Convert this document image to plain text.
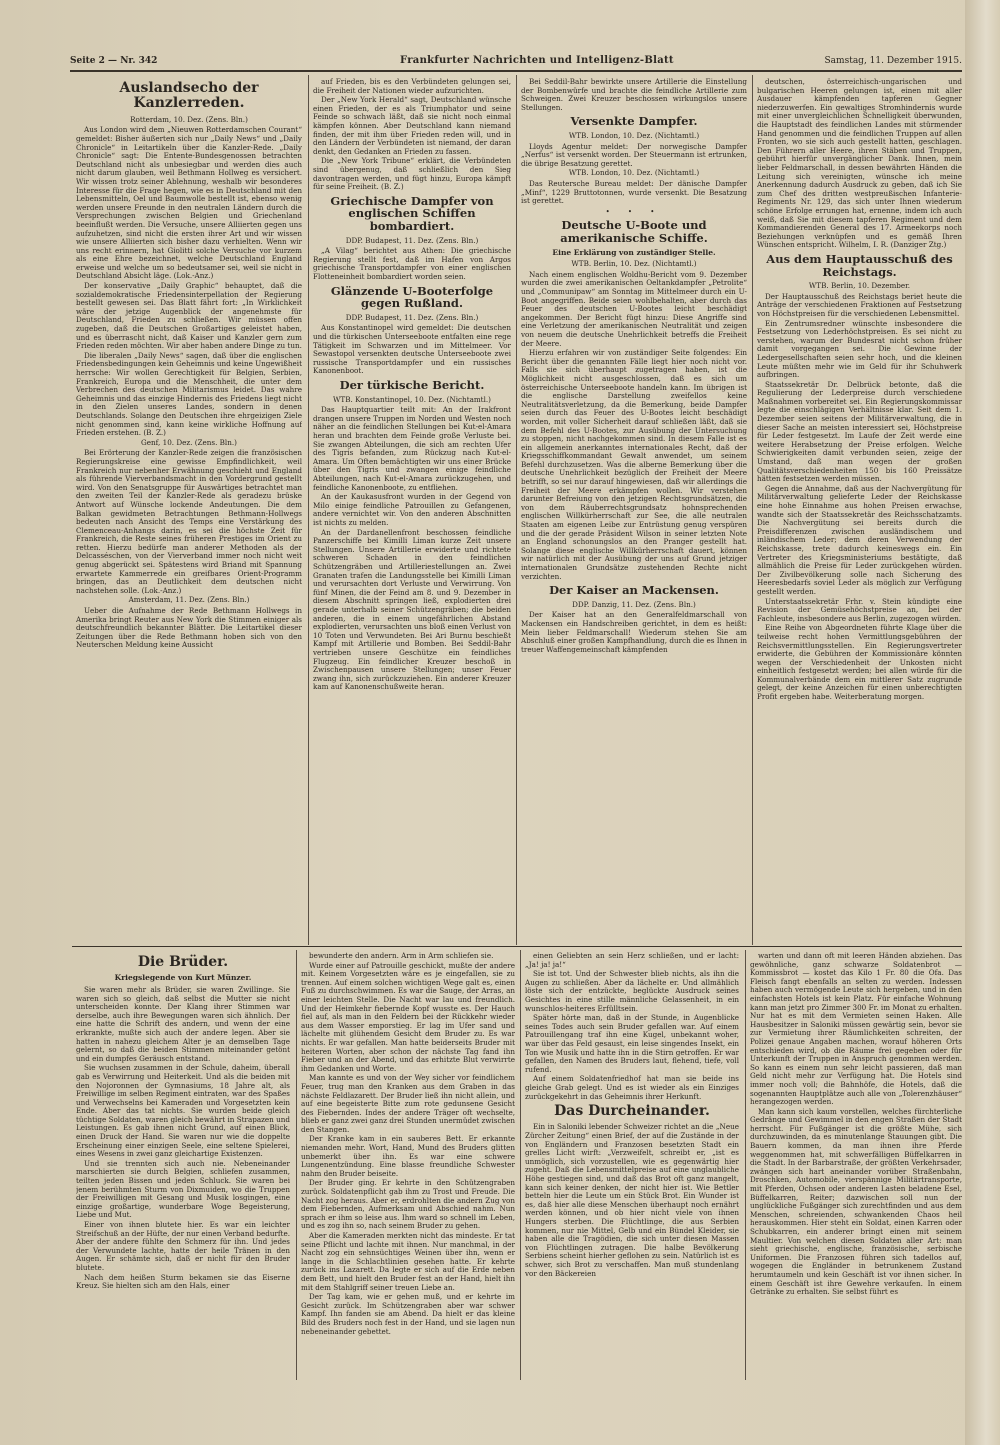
Seite 2 — Nr. 342	Frankfurter Nachrichten und Intelligenz-Blatt	Samstag, 11. Dezember 1915.
Auslandsecho der Kanzlerreden.
Rotterdam, 10. Dez. (Zens. Bln.)

Aus London wird dem „Nieuwen Rotterdamschen Courant“ gemeldet: Bisher äußerten sich nur „Daily News“ und „Daily Chronicle“ in Leitartikeln über die Kanzler-Rede. „Daily Chronicle“ sagt: Die Entente-Bundesgenossen betrachten Deutschland nicht als unbesiegbar und werden dies auch nicht darum glauben, weil Bethmann Hollweg es versichert. Wir wissen trotz seiner Ablehnung, weshalb wir besonderes Interesse für die Frage hegen, wie es in Deutschland mit den Lebensmitteln, Oel und Baumwolle bestellt ist, ebenso wenig werden unsere Freunde in den neutralen Ländern durch die Versprechungen zwischen Belgien und Griechenland beeinflußt werden. Die Versuche, unsere Alliierten gegen uns aufzuhetzen, sind nicht die ersten ihrer Art und wir wissen wie unsere Alliierten sich bisher dazu verhielten. Wenn wir uns recht erinnern, hat Giolitti solche Versuche vor kurzem als eine Ehre bezeichnet, welche Deutschland England erweise und welche um so bedeutsamer sei, weil sie nicht in Deutschland Absicht läge. (Lok.-Anz.)

Der konservative „Daily Graphic“ behauptet, daß die sozialdemokratische Friedensinterpellation der Regierung bestellt gewesen sei. Das Blatt fährt fort: „In Wirklichkeit wäre der jetzige Augenblick der angenehmste für Deutschland, Frieden zu schließen. Wir müssen offen zugeben, daß die Deutschen Großartiges geleistet haben, und es überrascht nicht, daß Kaiser und Kanzler gern zum Frieden reden möchten. Wir aber haben andere Dinge zu tun.

Die liberalen „Daily News“ sagen, daß über die englischen Friedensbedingungen kein Geheimnis und keine Ungewißheit herrsche: Wir wollen Gerechtigkeit für Belgien, Serbien, Frankreich, Europa und die Menschheit, die unter dem Verbrechen des deutschen Militarismus leidet. Das wahre Geheimnis und das einzige Hindernis des Friedens liegt nicht in den Zielen unseres Landes, sondern in denen Deutschlands. Solange den Deutschen ihre ehrgeizigen Ziele nicht genommen sind, kann keine wirkliche Hoffnung auf Frieden erstehen. (B. Z.)

Genf, 10. Dez. (Zens. Bln.)

Bei Erörterung der Kanzler-Rede zeigen die französischen Regierungskreise eine gewisse Empfindlichkeit, weil Frankreich nur nebenher Erwähnung geschieht und England als führende Vierverbandsmacht in den Vordergrund gestellt wird. Von den Senatsgruppe für Auswärtiges betrachtet man den zweiten Teil der Kanzler-Rede als geradezu brüske Antwort auf Wünsche lockende Andeutungen. Die dem Balkan gewidmeten Betrachtungen Bethmann-Hollwegs bedeuten nach Ansicht des Temps eine Verstärkung des Clemenceau-Anhangs darin, es sei die höchste Zeit für Frankreich, die Reste seines früheren Prestiges im Orient zu retten. Hierzu bedürfe man anderer Methoden als der Delcasséschen, von der Vierverband immer noch nicht weit genug abgerückt sei. Spätestens wird Briand mit Spannung erwartete Kammerrede ein greifbares Orient-Programm bringen, das an Deutlichkeit dem deutschen nicht nachstehen solle. (Lok.-Anz.)

Amsterdam, 11. Dez. (Zens. Bln.)

Ueber die Aufnahme der Rede Bethmann Hollwegs in Amerika bringt Reuter aus New York die Stimmen einiger als deutschfreundlich bekannter Blätter. Die Leitartikel dieser Zeitungen über die Rede Bethmann hoben sich von den Neuterschen Meldung keine Aussicht

auf Frieden, bis es den Verbündeten gelungen sei, die Freiheit der Nationen wieder aufzurichten.

Der „New York Herald“ sagt, Deutschland wünsche einen Frieden, der es als Triumphator und seine Feinde so schwach läßt, daß sie nicht noch einmal kämpfen können. Aber Deutschland kann niemand finden, der mit ihm über Frieden reden will, und in den Ländern der Verbündeten ist niemand, der daran denkt, den Gedanken an Frieden zu fassen.

Die „New York Tribune“ erklärt, die Verbündeten sind übergenug, daß schließlich den Sieg davontragen werden, und fügt hinzu, Europa kämpft für seine Freiheit. (B. Z.)

Griechische Dampfer von englischen Schiffen bombardiert.
DDP. Budapest, 11. Dez. (Zens. Bln.)

„A Vilag“ berichtet aus Athen: Die griechische Regierung stellt fest, daß im Hafen von Argos griechische Transportdampfer von einer englischen Flotteneinheit bombardiert worden seien.

Glänzende U-Booterfolge gegen Rußland.
DDP. Budapest, 11. Dez. (Zens. Bln.)

Aus Konstantinopel wird gemeldet: Die deutschen und die türkischen Unterseeboote entfalten eine rege Tätigkeit im Schwarzen und im Mittelmeer. Vor Sewastopol versenkten deutsche Unterseeboote zwei russische Transportdampfer und ein russisches Kanonenboot.

Der türkische Bericht.
WTB. Konstantinopel, 10. Dez. (Nichtamtl.)

Das Hauptquartier teilt mit: An der Irakfront drangen unsere Truppen im Norden und Westen noch näher an die feindlichen Stellungen bei Kut-el-Amara heran und brachten dem Feinde große Verluste bei. Sie zwangen Abteilungen, die sich am rechten Ufer des Tigris befanden, zum Rückzug nach Kut-el-Amara. Um Often bemächtigten wir uns einer Brücke über den Tigris und zwangen einige feindliche Abteilungen, nach Kut-el-Amara zurückzugehen, und feindliche Kanonenboote, zu entfliehen.

An der Kaukasusfront wurden in der Gegend von Milo einige feindliche Patrouillen zu Gefangenen, andere vernichtet wir. Von den anderen Abschnitten ist nichts zu melden.

An der Dardanellenfront beschossen feindliche Panzerschiffe bei Kimilli Liman kurze Zeit unsere Stellungen. Unsere Artillerie erwiderte und richtete schweren Schaden in den feindlichen Schützengräben und Artilleriestellungen an. Zwei Granaten trafen die Landungsstelle bei Kimilli Liman und verursachten dort Verluste und Verwirrung. Von fünf Minen, die der Feind am 8. und 9. Dezember in diesem Abschnitt springen ließ, explodierten drei gerade unterhalb seiner Schützengräben; die beiden anderen, die in einem ungefährlichen Abstand explodierten, verursachten uns bloß einen Verlust von 10 Toten und Verwundeten. Bei Ari Burnu beschießt Kampf mit Artillerie und Bomben. Bei Seddil-Bahr vertrieben unsere Geschütze ein feindliches Flugzeug. Ein feindlicher Kreuzer beschoß in Zwischenpausen unsere Stellungen; unser Feuer zwang ihn, sich zurückzuziehen. Ein anderer Kreuzer kam auf Kanonenschußweite heran.

Bei Seddil-Bahr bewirkte unsere Artillerie die Einstellung der Bombenwürfe und brachte die feindliche Artillerie zum Schweigen. Zwei Kreuzer beschossen wirkungslos unsere Stellungen.

Versenkte Dampfer.
WTB. London, 10. Dez. (Nichtamtl.)

Lloyds Agentur meldet: Der norwegische Dampfer „Nerfus“ ist versenkt worden. Der Steuermann ist ertrunken, die übrige Besatzung gerettet.

WTB. London, 10. Dez. (Nichtamtl.)

Das Reutersche Bureau meldet: Der dänische Dampfer „Minf“, 1229 Bruttotonnen, wurde versenkt. Die Besatzung ist gerettet.

• • •
Deutsche U-Boote und amerikanische Schiffe.
Eine Erklärung von zuständiger Stelle.
WTB. Berlin, 10. Dez. (Nichtamtl.)

Nach einem englischen Woldhu-Bericht vom 9. Dezember wurden die zwei amerikanischen Oeltankdampfer „Petrolite“ und „Communipaw“ am Sonntag im Mittelmeer durch ein U-Boot angegriffen. Beide seien wohlbehalten, aber durch das Feuer des deutschen U-Bootes leicht beschädigt angekommen. Der Bericht fügt hinzu: Diese Angriffe sind eine Verletzung der amerikanischen Neutralität und zeigen von neuem die deutsche Unehrlichkeit betreffs die Freiheit der Meere.

Hierzu erfahren wir von zuständiger Seite folgendes: Ein Bericht über die genannten Fälle liegt hier noch nicht vor. Falls sie sich überhaupt zugetragen haben, ist die Möglichkeit nicht ausgeschlossen, daß es sich um österreichische Unterseeboote handeln kann. Im übrigen ist die englische Darstellung zweifellos keine Neutralitätsverletzung, da die Bemerkung, beide Dampfer seien durch das Feuer des U-Bootes leicht beschädigt worden, mit voller Sicherheit darauf schließen läßt, daß sie dem Befehl des U-Bootes, zur Ausübung der Untersuchung zu stoppen, nicht nachgekommen sind. In diesem Falle ist es ein allgemein anerkanntes internationales Recht, daß der Kriegsschiffkommandant Gewalt anwendet, um seinem Befehl durchzusetzen. Was die alberne Bemerkung über die deutsche Unehrlichkeit bezüglich der Freiheit der Meere betrifft, so sei nur darauf hingewiesen, daß wir allerdings die Freiheit der Meere erkämpfen wollen. Wir verstehen darunter Befreiung von den jetzigen Rechtsgrundsätzen, die von dem Räuberrechtsgrundsatz hohnsprechenden englischen Willkürherrschaft zur See, die alle neutralen Staaten am eigenen Leibe zur Entrüstung genug verspüren und die der gerade Präsident Wilson in seiner letzten Note an England schonungslos an den Pranger gestellt hat. Solange diese englische Willkürherrschaft dauert, können wir natürlich mit der Ausübung der uns auf Grund jetziger internationalen Grundsätze zustehenden Rechte nicht verzichten.

Der Kaiser an Mackensen.
DDP. Danzig, 11. Dez. (Zens. Bln.)

Der Kaiser hat an den Generalfeldmarschall von Mackensen ein Handschreiben gerichtet, in dem es heißt: Mein lieber Feldmarschall! Wiederum stehen Sie am Abschluß einer großen Kampfhandlung, durch die es Ihnen in treuer Waffengemeinschaft kämpfenden

deutschen, österreichisch-ungarischen und bulgarischen Heeren gelungen ist, einen mit aller Ausdauer kämpfenden tapferen Gegner niederzuwerfen. Ein gewaltiges Stromhindernis wurde mit einer unvergleichlichen Schnelligkeit überwunden, die Hauptstadt des feindlichen Landes mit stürmender Hand genommen und die feindlichen Truppen auf allen Fronten, wo sie sich auch gestellt hatten, geschlagen. Den Führern aller Heere, ihren Stäben und Truppen, gebührt hierfür unvergänglicher Dank. Ihnen, mein lieber Feldmarschall, in dessen bewährten Händen die Leitung sich vereinigten, wünsche ich meine Anerkennung dadurch Ausdruck zu geben, daß ich Sie zum Chef des dritten westpreußischen Infanterie-Regiments Nr. 129, das sich unter Ihnen wiederum schöne Erfolge errungen hat, ernenne, indem ich auch weiß, daß Sie mit diesem tapferen Regiment und dem Kommandierenden General des 17. Armeekorps noch Beziehungen verknüpfen und es gemäß Ihren Wünschen entspricht. Wilhelm, I. R. (Danziger Ztg.)

Aus dem Hauptausschuß des Reichstags.
WTB. Berlin, 10. Dezember.

Der Hauptausschuß des Reichstags beriet heute die Anträge der verschiedenen Fraktionen auf Festsetzung von Höchstpreisen für die verschiedenen Lebensmittel.

Ein Zentrumsredner wünschte insbesondere die Festsetzung von Lederhöchstpreisen. Es sei nicht zu verstehen, warum der Bundesrat nicht schon früher damit vorgegangen sei. Die Gewinne der Ledergesellschaften seien sehr hoch, und die kleinen Leute müßten mehr wie im Geld für ihr Schuhwerk aufbringen.

Staatssekretär Dr. Delbrück betonte, daß die Regulierung der Lederpreise durch verschiedene Maßnahmen vorbereitet sei. Ein Regierungskommissar legte die einschlägigen Verhältnisse klar. Seit dem 1. Dezember seien seitens der Militärverwaltung, die in dieser Sache an meisten interessiert sei, Höchstpreise für Leder festgesetzt. Im Laufe der Zeit werde eine weitere Herabsetzung der Preise erfolgen. Welche Schwierigkeiten damit verbunden seien, zeige der Umstand, daß man wegen der großen Qualitätsverschiedenheiten 150 bis 160 Preissätze hätten festsetzen werden müssen.

Gegen die Annahme, daß aus der Nachvergütung für Militärverwaltung gelieferte Leder der Reichskasse eine hohe Einnahme aus hohen Preisen erwachse, wandte sich der Staatssekretär des Reichsschatzamts. Die Nachvergütung sei bereits durch die Preisdifferenzen zwischen ausländischem und inländischem Leder; dem deren Verwendung der Reichskasse, trete dadurch keineswegs ein. Ein Vertreter des Kriegsministeriums bestätigte, daß allmählich die Preise für Leder zurückgehen würden. Der Zivilbevölkerung solle nach Sicherung des Heeresbedarfs soviel Leder als möglich zur Verfügung gestellt werden.

Unterstaatssekretär Frhr. v. Stein kündigte eine Revision der Gemüsehöchstpreise an, bei der Fachleute, insbesondere aus Berlin, zugezogen würden.

Eine Reihe von Abgeordneten führte Klage über die teilweise recht hohen Vermittlungsgebühren der Reichsvermittlungsstellen. Ein Regierungsvertreter erwiderte, die Gebühren der Kommissionäre könnten wegen der Verschiedenheit der Unkosten nicht einheitlich festgesetzt werden; bei allen würde für die Kommunalverbände dem ein mittlerer Satz zugrunde gelegt, der keine Anzeichen für einen unberechtigten Profit ergeben habe. Weiterberatung morgen.

Die Brüder.
Kriegslegende von Kurt Münzer.

Sie waren mehr als Brüder, sie waren Zwillinge. Sie waren sich so gleich, daß selbst die Mutter sie nicht unterscheiden konnte. Der Klang ihrer Stimmen war derselbe, auch ihre Bewegungen waren sich ähnlich. Der eine hatte die Schrift des andern, und wenn der eine erkrankte, mußte sich auch der andere legen. Aber sie hatten in nahezu gleichem Alter je an demselben Tage gelernt, so daß die beiden Stimmen miteinander getönt und ein dumpfes Geräusch entstand.

Sie wuchsen zusammen in der Schule, daheim, überall gab es Verwirrung und Heiterkeit. Und als die beiden mit den Nojoronnen der Gymnasiums, 18 Jahre alt, als Freiwillige im selben Regiment eintraten, war des Spaßes und Verwechselns bei Kameraden und Vorgesetzten kein Ende. Aber das tat nichts. Sie wurden beide gleich tüchtige Soldaten, waren gleich bewährt in Strapazen und Leistungen. Es gab ihnen nicht Grund, auf einen Blick, einen Druck der Hand. Sie waren nur wie die doppelte Erscheinung einer einzigen Seele, eine seltene Spielerei, eines Wesens in zwei ganz gleichartige Existenzen.

Und sie trennten sich auch nie. Nebeneinander marschierten sie durch Belgien, schliefen zusammen, teilten jeden Bissen und jeden Schluck. Sie waren bei jenem berühmten Sturm von Dixmuiden, wo die Truppen der Freiwilligen mit Gesang und Musik losgingen, eine einzige großartige, wunderbare Woge Begeisterung, Liebe und Mut.

Einer von ihnen blutete hier. Es war ein leichter Streifschuß an der Hüfte, der nur einen Verband bedurfte. Aber der andere fühlte den Schmerz für ihn. Und jedes der Verwundete lachte, hatte der heile Tränen in den Augen. Er schämte sich, daß er nicht für den Bruder blutete.

Nach dem heißen Sturm bekamen sie das Eiserne Kreuz. Sie hielten sich am den Hals, einer

bewunderte den andern. Arm in Arm schliefen sie.

Wurde einer auf Patrouille geschickt, mußte der andere mit. Keinem Vorgesetzten wäre es je eingefallen, sie zu trennen. Auf einem solchen wichtigen Wege galt es, einen Fuß zu durchschwimmen. Es war die Sauge, der Arras, an einer leichten Stelle. Die Nacht war lau und freundlich. Und der Heimkehr fiebernde Kopf wusste es. Der Hauch fiel auf, als man in den Feldern bei der Rückkehr wieder aus dem Wasser emporstieg. Er lag im Ufer sand und lächelte mit glühendem Gesicht dem Bruder zu. Es war nichts. Er war gefallen. Man hatte beiderseits Bruder mit heiteren Worten, aber schon der nächste Tag fand ihn Fieber und an der Abend, und das erhitzte Blut verwirrte ihm Gedanken und Worte.

Man kannte es und von der Wey sicher vor feindlichem Feuer, trug man den Kranken aus dem Graben in das nächste Feldlazarett. Der Bruder ließ ihn nicht allein, und auf eine begeisterte Bitte zum rote gedunsene Gesicht des Fiebernden. Indes der andere Träger oft wechselte, blieb er ganz zwei ganz drei Stunden unermüdet zwischen den Stangen.

Der Kranke kam in ein sauberes Bett. Er erkannte niemanden mehr. Wort, Hand, Mund des Bruders glitten unbemerkt über ihn. Es war eine schwere Lungenentzündung. Eine blasse freundliche Schwester nahm den Bruder beiseite.

Der Bruder ging. Er kehrte in den Schützengraben zurück. Soldatenpflicht gab ihm zu Trost und Freude. Die Nacht zog heraus. Aber er, erdrohlten die andern Zug von dem Fiebernden, Aufmerksam und Abschied nahm. Nun sprach er ihm so leise aus. Ihm ward so schnell im Leben, und es zog ihn so, nach seinem Bruder zu gehen.

Aber die Kameraden merkten nicht das mindeste. Er tat seine Pflicht und lachte mit ihnen. Nur manchmal, in der Nacht zog ein sehnsüchtiges Weinen über ihn, wenn er lange in die Schlachtlinien gesehen hatte. Er kehrte zurück ins Lazarett. Da legte er sich auf die Erde neben dem Bett, und hielt den Bruder fest an der Hand, hielt ihn mit dem Stahlgriff seiner treuen Liebe an.

Der Tag kam, wie er gehen muß, und er kehrte im Gesicht zurück. Im Schützengraben aber war schwer Kampf. Ihn fanden sie am Abend. Da hielt er das kleine Bild des Bruders noch fest in der Hand, und sie lagen nun nebeneinander gebettet.

einen Geliebten an sein Herz schließen, und er lacht: „Ja! ja! ja!“

Sie ist tot. Und der Schwester blieb nichts, als ihn die Augen zu schließen. Aber da lächelte er. Und allmählich löste sich der entzückte, beglückte Ausdruck seines Gesichtes in eine stille männliche Gelassenheit, in ein wunschlos-heiteres Erfülltsein.

Später hörte man, daß in der Stunde, in Augenblicke seines Todes auch sein Bruder gefallen war. Auf einem Patrouillengang traf ihn eine Kugel, unbekannt woher, war über das Feld gesaust, ein leise singendes Insekt, ein Ton wie Musik und hatte ihn in die Stirn getroffen. Er war gefallen, den Namen des Bruders laut, flehend, tiefe, voll rufend.

Auf einem Soldatenfriedhof hat man sie beide ins gleiche Grab gelegt. Und es ist wieder als ein Einziges zurückgekehrt in das Geheimnis ihrer Herkunft.

Das Durcheinander.

Ein in Saloniki lebender Schweizer richtet an die „Neue Zürcher Zeitung“ einen Brief, der auf die Zustände in der von Engländern und Franzosen besetzten Stadt ein grelles Licht wirft: „Verzweifelt, schreibt er, „ist es unmöglich, sich vorzustellen, wie es gegenwärtig hier zugeht. Daß die Lebensmittelpreise auf eine unglaubliche Höhe gestiegen sind, und daß das Brot oft ganz mangelt, kann sich keiner denken, der nicht hier ist. Wie Bettler betteln hier die Leute um ein Stück Brot. Ein Wunder ist es, daß hier alle diese Menschen überhaupt noch ernährt werden können, und ob hier nicht viele von ihnen Hungers sterben. Die Flüchtlinge, die aus Serbien kommen, nur nie Mittel, Gelb und ein Bündel Kleider, sie haben alle die Tragödien, die sich unter diesen Massen von Flüchtlingen zutragen. Die halbe Bevölkerung Serbiens scheint hierher geflohen zu sein. Natürlich ist es schwer, sich Brot zu verschaffen. Man muß stundenlang vor den Bäckereien

warten und dann oft mit leeren Händen abziehen. Das gewöhnliche, ganz schwarze Soldatenbrot — Kommissbrot — kostet das Kilo 1 Fr. 80 die Ofa. Das Fleisch fangt ebenfalls an selten zu werden. Indessen haben auch vermögende Leute sich hergeben, und in den einfachsten Hotels ist kein Platz. Für einfache Wohnung kann man jetzt pro Zimmer 300 Fr. im Monat zu erhalten. Nur hat es mit dem Vermieten seinen Haken. Alle Hausbesitzer in Saloniki müssen gewärtig sein, bevor sie zur Vermietung ihrer Räumlichkeiten schreiten, der Polizei genaue Angaben machen, worauf höheren Orts entschieden wird, ob die Räume frei gegeben oder für Unterkunft der Truppen in Anspruch genommen werden. So kann es einem nun sehr leicht passieren, daß man Geld nicht mehr zur Verfügung hat. Die Hotels sind immer noch voll; die Bahnhöfe, die Hotels, daß die sogenannten Hauptplätze auch alle von „Tolerenzhäuser“ herangezogen werden.

Man kann sich kaum vorstellen, welches fürchterliche Gedränge und Gewimmel in den engen Straßen der Stadt herrscht. Für Fußgänger ist die größte Mühe, sich durchzuwinden, da es minutenlange Stauungen gibt. Die Bauern kommen, da man ihnen ihre Pferde weggenommen hat, mit schwerfälligen Büffelkarren in die Stadt. In der Barbarstraße, der größten Verkehrsader, zwängen sich hart aneinander vorüber Straßenbahn, Droschken, Automobile, vierspännige Militärtransporte, mit Pferden, Ochsen oder anderen Lasten beladene Esel, Büffelkarren, Reiter; dazwischen soll nun der unglückliche Fußgänger sich zurechtfinden und aus dem Menschen, schreienden, schwankenden Chaos heil herauskommen. Hier steht ein Soldat, einen Karren oder Schubkarren, ein anderer bringt einen mit seinem Maultier. Von welchen diesen Soldaten aller Art: man sieht griechische, englische, französische, serbische Uniformen. Die Franzosen führen sich tadellos auf, wogegen die Engländer in betrunkenem Zustand herumtaumeln und kein Geschäft ist vor ihnen sicher. In einem Geschäft ist ihre Gewehre verkaufen. In einem Getränke zu erhalten. Sie selbst führt es
